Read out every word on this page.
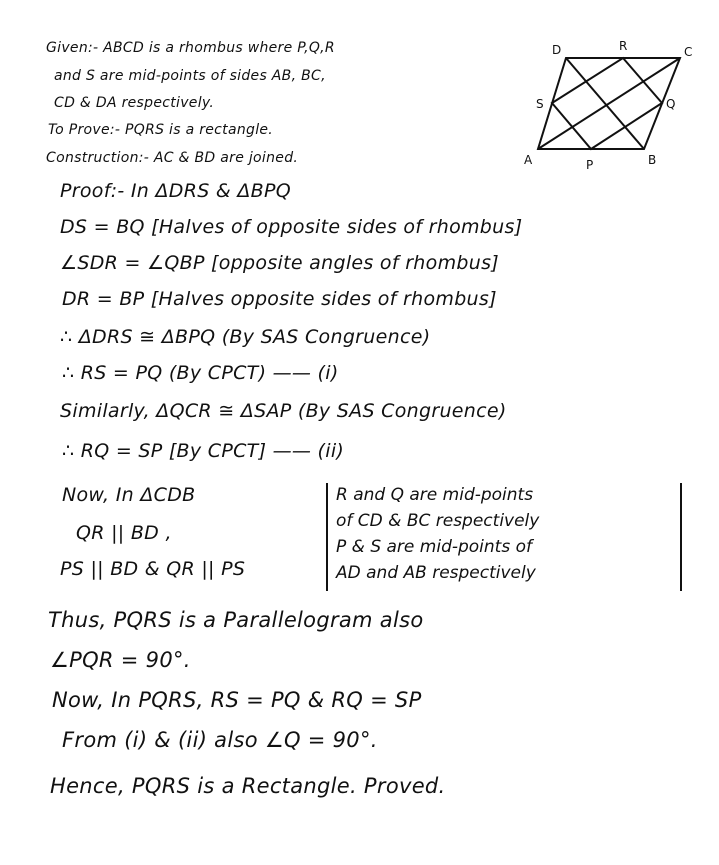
Given:- ABCD is a rhombus where P,Q,R
and S are mid-points of sides AB, BC,
CD & DA respectively.
To Prove:- PQRS is a rectangle.
Construction:- AC & BD are joined.	A	B
C
D
P
Q
R
S
Proof:- In ΔDRS & ΔBPQ
DS = BQ [Halves of opposite sides of rhombus]
∠SDR = ∠QBP [opposite angles of rhombus]
DR = BP [Halves opposite sides of rhombus]
∴ ΔDRS ≅ ΔBPQ (By SAS Congruence)
∴ RS = PQ (By CPCT) —— (i)
Similarly, ΔQCR ≅ ΔSAP (By SAS Congruence)
∴ RQ = SP [By CPCT] —— (ii)
Now, In ΔCDB
QR || BD ,
PS || BD & QR || PS
R and Q are mid-points
of CD & BC respectively
P & S are mid-points of
AD and AB respectively
Thus, PQRS is a Parallelogram also
∠PQR = 90°.
Now, In PQRS, RS = PQ & RQ = SP
From (i) & (ii) also ∠Q = 90°.
Hence, PQRS is a Rectangle. Proved.
